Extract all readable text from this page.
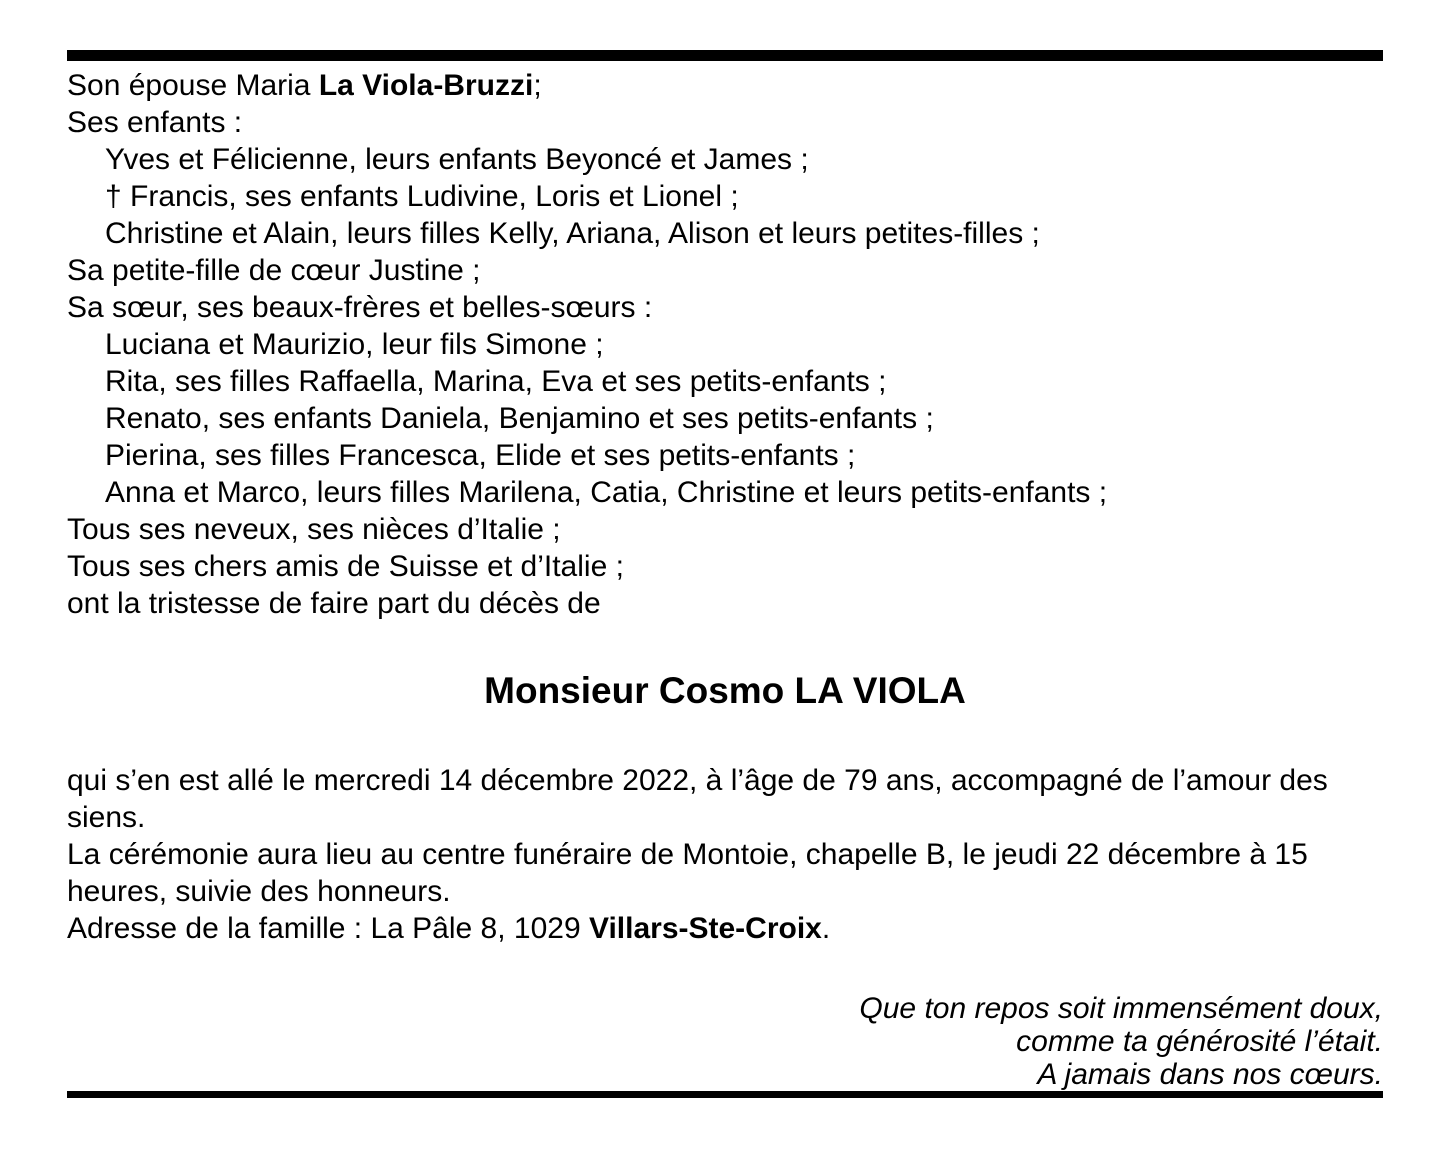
Son épouse Maria La Viola-Bruzzi;
Ses enfants :
Yves et Félicienne, leurs enfants Beyoncé et James ;
† Francis, ses enfants Ludivine, Loris et Lionel ;
Christine et Alain, leurs filles Kelly, Ariana, Alison et leurs petites-filles ;
Sa petite-fille de cœur Justine ;
Sa sœur, ses beaux-frères et belles-sœurs :
Luciana et Maurizio, leur fils Simone ;
Rita, ses filles Raffaella, Marina, Eva et ses petits-enfants ;
Renato, ses enfants Daniela, Benjamino et ses petits-enfants ;
Pierina, ses filles Francesca, Elide et ses petits-enfants ;
Anna et Marco, leurs filles Marilena, Catia, Christine et leurs petits-enfants ;
Tous ses neveux, ses nièces d’Italie ;
Tous ses chers amis de Suisse et d’Italie ;
ont la tristesse de faire part du décès de
Monsieur Cosmo LA VIOLA

qui s’en est allé le mercredi 14 décembre 2022, à l’âge de 79 ans, accompagné de l’amour des siens.

La cérémonie aura lieu au centre funéraire de Montoie, chapelle B, le jeudi 22 décembre à 15 heures, suivie des honneurs.

Adresse de la famille : La Pâle 8, 1029 Villars-Ste-Croix.

Que ton repos soit immensément doux,
comme ta générosité l’était.
A jamais dans nos cœurs.
